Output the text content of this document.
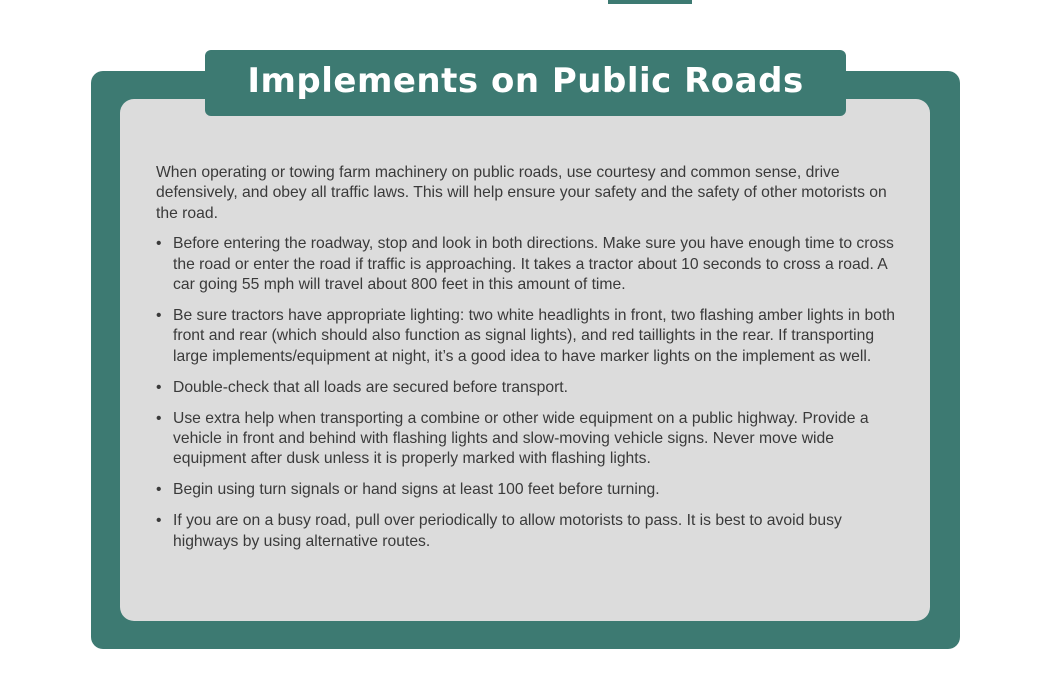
Implements on Public Roads

When operating or towing farm machinery on public roads, use courtesy and common sense, drive defensively, and obey all traffic laws. This will help ensure your safety and the safety of other motorists on the road.

• Before entering the roadway, stop and look in both directions. Make sure you have enough time to cross the road or enter the road if traffic is approaching. It takes a tractor about 10 seconds to cross a road. A car going 55 mph will travel about 800 feet in this amount of time.
• Be sure tractors have appropriate lighting: two white headlights in front, two flashing amber lights in both front and rear (which should also function as signal lights), and red taillights in the rear. If transporting large implements/equipment at night, it’s a good idea to have marker lights on the implement as well.
• Double-check that all loads are secured before transport.
• Use extra help when transporting a combine or other wide equipment on a public highway. Provide a vehicle in front and behind with flashing lights and slow-moving vehicle signs. Never move wide equipment after dusk unless it is properly marked with flashing lights.
• Begin using turn signals or hand signs at least 100 feet before turning.
• If you are on a busy road, pull over periodically to allow motorists to pass. It is best to avoid busy highways by using alternative routes.
